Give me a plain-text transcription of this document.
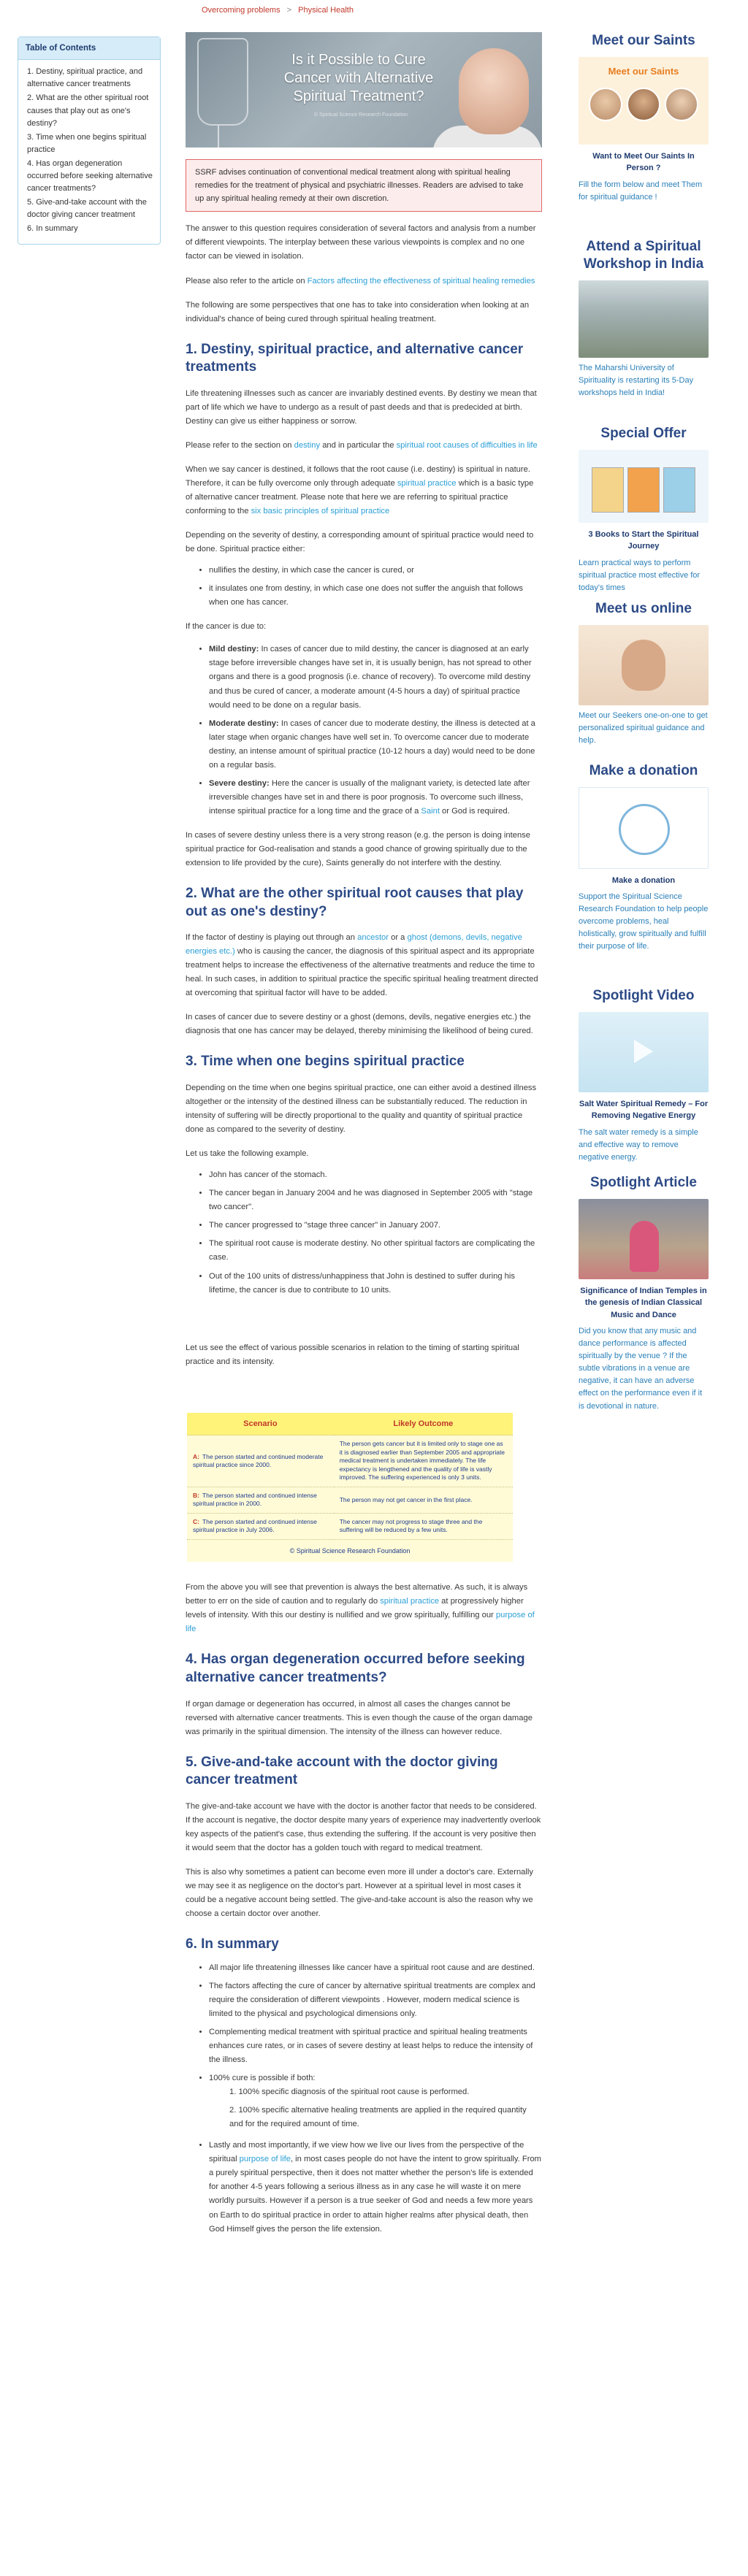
Overcoming problems > Physical Health
Table of Contents
1. Destiny, spiritual practice, and alternative cancer treatments
2. What are the other spiritual root causes that play out as one's destiny?
3. Time when one begins spiritual practice
4. Has organ degeneration occurred before seeking alternative cancer treatments?
5. Give-and-take account with the doctor giving cancer treatment
6. In summary
Is it Possible to Cure Cancer with Alternative Spiritual Treatment?
© Spiritual Science Research Foundation
SSRF advises continuation of conventional medical treatment along with spiritual healing remedies for the treatment of physical and psychiatric illnesses. Readers are advised to take up any spiritual healing remedy at their own discretion.

The answer to this question requires consideration of several factors and analysis from a number of different viewpoints. The interplay between these various viewpoints is complex and no one factor can be viewed in isolation.

Please also refer to the article on Factors affecting the effectiveness of spiritual healing remedies

The following are some perspectives that one has to take into consideration when looking at an individual's chance of being cured through spiritual healing treatment.

1. Destiny, spiritual practice, and alternative cancer treatments

Life threatening illnesses such as cancer are invariably destined events. By destiny we mean that part of life which we have to undergo as a result of past deeds and that is predecided at birth. Destiny can give us either happiness or sorrow.

Please refer to the section on destiny and in particular the spiritual root causes of difficulties in life

When we say cancer is destined, it follows that the root cause (i.e. destiny) is spiritual in nature. Therefore, it can be fully overcome only through adequate spiritual practice which is a basic type of alternative cancer treatment. Please note that here we are referring to spiritual practice conforming to the six basic principles of spiritual practice

Depending on the severity of destiny, a corresponding amount of spiritual practice would need to be done. Spiritual practice either:

• nullifies the destiny, in which case the cancer is cured, or
• it insulates one from destiny, in which case one does not suffer the anguish that follows when one has cancer.

If the cancer is due to:

• Mild destiny: In cases of cancer due to mild destiny, the cancer is diagnosed at an early stage before irreversible changes have set in, it is usually benign, has not spread to other organs and there is a good prognosis (i.e. chance of recovery). To overcome mild destiny and thus be cured of cancer, a moderate amount (4-5 hours a day) of spiritual practice would need to be done on a regular basis.
• Moderate destiny: In cases of cancer due to moderate destiny, the illness is detected at a later stage when organic changes have well set in. To overcome cancer due to moderate destiny, an intense amount of spiritual practice (10-12 hours a day) would need to be done on a regular basis.
• Severe destiny: Here the cancer is usually of the malignant variety, is detected late after irreversible changes have set in and there is poor prognosis. To overcome such illness, intense spiritual practice for a long time and the grace of a Saint or God is required.

In cases of severe destiny unless there is a very strong reason (e.g. the person is doing intense spiritual practice for God-realisation and stands a good chance of growing spiritually due to the extension to life provided by the cure), Saints generally do not interfere with the destiny.

2. What are the other spiritual root causes that play out as one's destiny?

If the factor of destiny is playing out through an ancestor or a ghost (demons, devils, negative energies etc.) who is causing the cancer, the diagnosis of this spiritual aspect and its appropriate treatment helps to increase the effectiveness of the alternative treatments and reduce the time to heal. In such cases, in addition to spiritual practice the specific spiritual healing treatment directed at overcoming that spiritual factor will have to be added.

In cases of cancer due to severe destiny or a ghost (demons, devils, negative energies etc.) the diagnosis that one has cancer may be delayed, thereby minimising the likelihood of being cured.

3. Time when one begins spiritual practice

Depending on the time when one begins spiritual practice, one can either avoid a destined illness altogether or the intensity of the destined illness can be substantially reduced. The reduction in intensity of suffering will be directly proportional to the quality and quantity of spiritual practice done as compared to the severity of destiny.

Let us take the following example.

• John has cancer of the stomach.
• The cancer began in January 2004 and he was diagnosed in September 2005 with "stage two cancer".
• The cancer progressed to "stage three cancer" in January 2007.
• The spiritual root cause is moderate destiny. No other spiritual factors are complicating the case.
• Out of the 100 units of distress/unhappiness that John is destined to suffer during his lifetime, the cancer is due to contribute to 10 units.

Let us see the effect of various possible scenarios in relation to the timing of starting spiritual practice and its intensity.

Scenario	Likely Outcome
A: The person started and continued moderate spiritual practice since 2000.	The person gets cancer but it is limited only to stage one as it is diagnosed earlier than September 2005 and appropriate medical treatment is undertaken immediately. The life expectancy is lengthened and the quality of life is vastly improved. The suffering experienced is only 3 units.
B: The person started and continued intense spiritual practice in 2000.	The person may not get cancer in the first place.
C: The person started and continued intense spiritual practice in July 2006.	The cancer may not progress to stage three and the suffering will be reduced by a few units.
© Spiritual Science Research Foundation

From the above you will see that prevention is always the best alternative. As such, it is always better to err on the side of caution and to regularly do spiritual practice at progressively higher levels of intensity. With this our destiny is nullified and we grow spiritually, fulfilling our purpose of life

4. Has organ degeneration occurred before seeking alternative cancer treatments?

If organ damage or degeneration has occurred, in almost all cases the changes cannot be reversed with alternative cancer treatments. This is even though the cause of the organ damage was primarily in the spiritual dimension. The intensity of the illness can however reduce.

5. Give-and-take account with the doctor giving cancer treatment

The give-and-take account we have with the doctor is another factor that needs to be considered. If the account is negative, the doctor despite many years of experience may inadvertently overlook key aspects of the patient's case, thus extending the suffering. If the account is very positive then it would seem that the doctor has a golden touch with regard to medical treatment.

This is also why sometimes a patient can become even more ill under a doctor's care. Externally we may see it as negligence on the doctor's part. However at a spiritual level in most cases it could be a negative account being settled. The give-and-take account is also the reason why we choose a certain doctor over another.

6. In summary
• All major life threatening illnesses like cancer have a spiritual root cause and are destined.
• The factors affecting the cure of cancer by alternative spiritual treatments are complex and require the consideration of different viewpoints . However, modern medical science is limited to the physical and psychological dimensions only.
• Complementing medical treatment with spiritual practice and spiritual healing treatments enhances cure rates, or in cases of severe destiny at least helps to reduce the intensity of the illness.
• 100% cure is possible if both:
1. 100% specific diagnosis of the spiritual root cause is performed.
2. 100% specific alternative healing treatments are applied in the required quantity and for the required amount of time.
• Lastly and most importantly, if we view how we live our lives from the perspective of the spiritual purpose of life, in most cases people do not have the intent to grow spiritually. From a purely spiritual perspective, then it does not matter whether the person's life is extended for another 4-5 years following a serious illness as in any case he will waste it on mere worldly pursuits. However if a person is a true seeker of God and needs a few more years on Earth to do spiritual practice in order to attain higher realms after physical death, then God Himself gives the person the life extension.
Meet our Saints
Meet our Saints
Want to Meet Our Saints In Person ?
Fill the form below and meet Them for spiritual guidance !
Attend a Spiritual Workshop in India
The Maharshi University of Spirituality is restarting its 5-Day workshops held in India!
Special Offer
3 Books to Start the Spiritual Journey
Learn practical ways to perform spiritual practice most effective for today's times
Meet us online
Meet our Seekers one-on-one to get personalized spiritual guidance and help.
Make a donation
Make a donation
Support the Spiritual Science Research Foundation to help people overcome problems, heal holistically, grow spiritually and fulfill their purpose of life.
Spotlight Video
Salt Water Spiritual Remedy – For Removing Negative Energy
The salt water remedy is a simple and effective way to remove negative energy.
Spotlight Article
Significance of Indian Temples in the genesis of Indian Classical Music and Dance
Did you know that any music and dance performance is affected spiritually by the venue ? If the subtle vibrations in a venue are negative, it can have an adverse effect on the performance even if it is devotional in nature.
